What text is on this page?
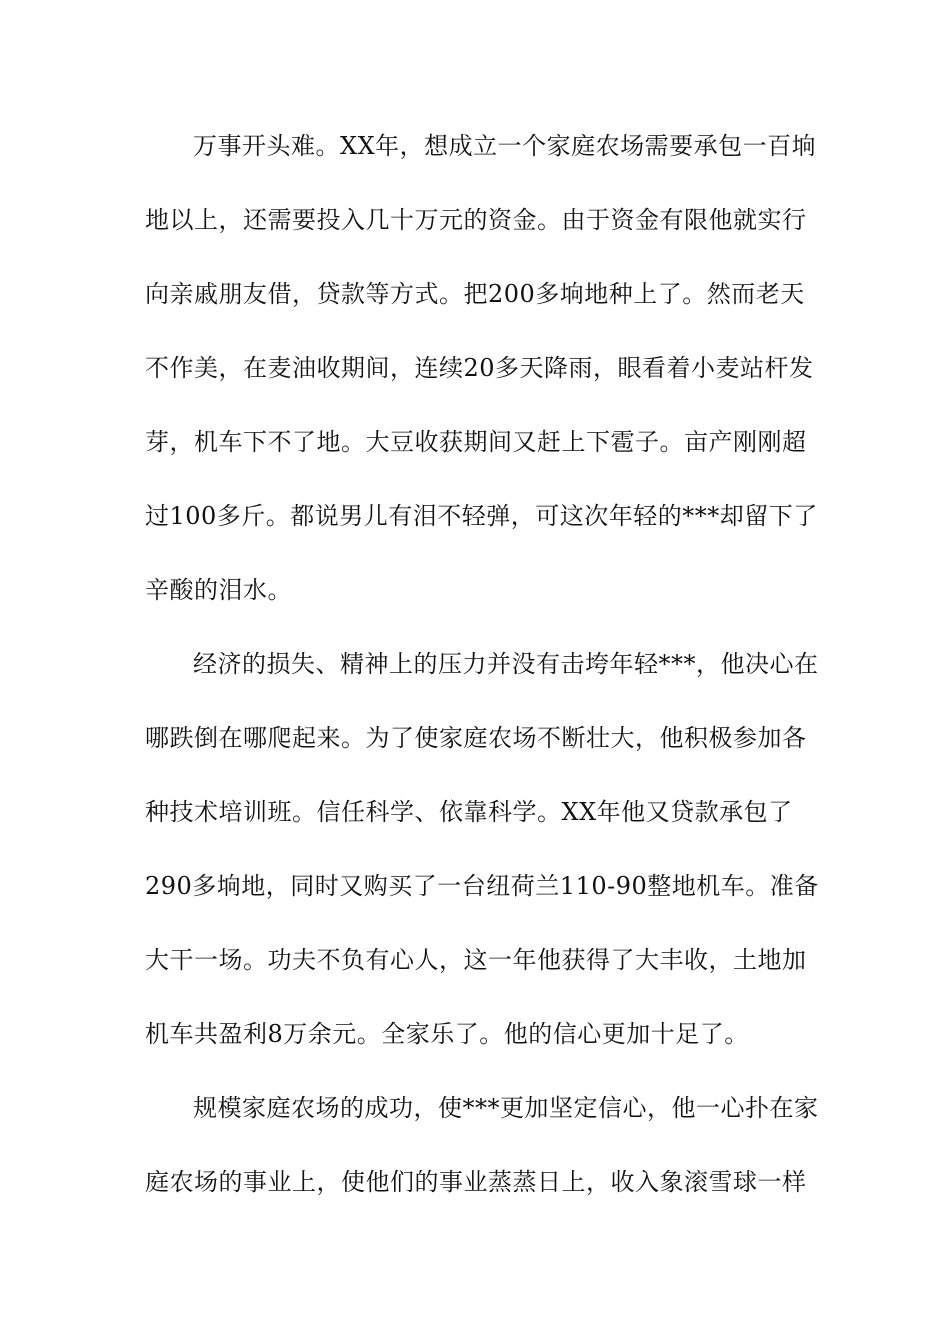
万事开头难。XX年，想成立一个家庭农场需要承包一百垧
地以上，还需要投入几十万元的资金。由于资金有限他就实行
向亲戚朋友借，贷款等方式。把200多垧地种上了。然而老天
不作美，在麦油收期间，连续20多天降雨，眼看着小麦站杆发
芽，机车下不了地。大豆收获期间又赶上下雹子。亩产刚刚超
过100多斤。都说男儿有泪不轻弹，可这次年轻的***却留下了
辛酸的泪水。
经济的损失、精神上的压力并没有击垮年轻***，他决心在
哪跌倒在哪爬起来。为了使家庭农场不断壮大，他积极参加各
种技术培训班。信任科学、依靠科学。XX年他又贷款承包了
290多垧地，同时又购买了一台纽荷兰110-90整地机车。准备
大干一场。功夫不负有心人，这一年他获得了大丰收，土地加
机车共盈利8万余元。全家乐了。他的信心更加十足了。
规模家庭农场的成功，使***更加坚定信心，他一心扑在家
庭农场的事业上，使他们的事业蒸蒸日上，收入象滚雪球一样
